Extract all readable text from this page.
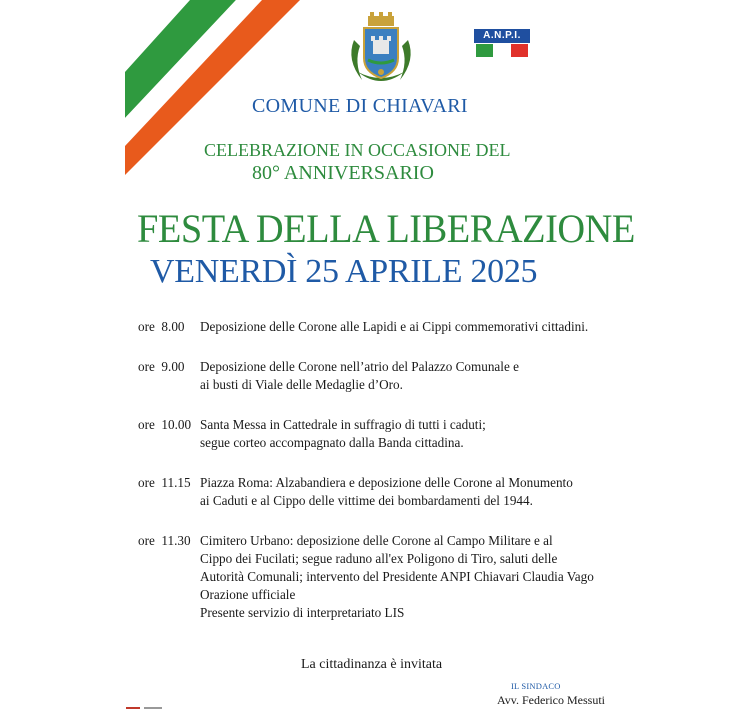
A.N.P.I.
COMUNE DI CHIAVARI
CELEBRAZIONE IN OCCASIONE DEL
80° ANNIVERSARIO
FESTA DELLA LIBERAZIONE
VENERDÌ 25 APRILE 2025
ore  8.00	Deposizione delle Corone alle Lapidi e ai Cippi commemorativi cittadini.
ore  9.00	Deposizione delle Corone nell’atrio del Palazzo Comunale e
ai busti di Viale delle Medaglie d’Oro.
ore  10.00 Santa Messa in Cattedrale in suffragio di tutti i caduti;
segue corteo accompagnato dalla Banda cittadina.
ore  11.15 Piazza Roma: Alzabandiera e deposizione delle Corone al Monumento
ai Caduti e al Cippo delle vittime dei bombardamenti del 1944.
ore  11.30 Cimitero Urbano: deposizione delle Corone al Campo Militare e al
Cippo dei Fucilati; segue raduno all'ex Poligono di Tiro, saluti delle
Autorità Comunali; intervento del Presidente ANPI Chiavari Claudia Vago
Orazione ufficiale
Presente servizio di interpretariato LIS
La cittadinanza è invitata
IL SINDACO
Avv. Federico Messuti
